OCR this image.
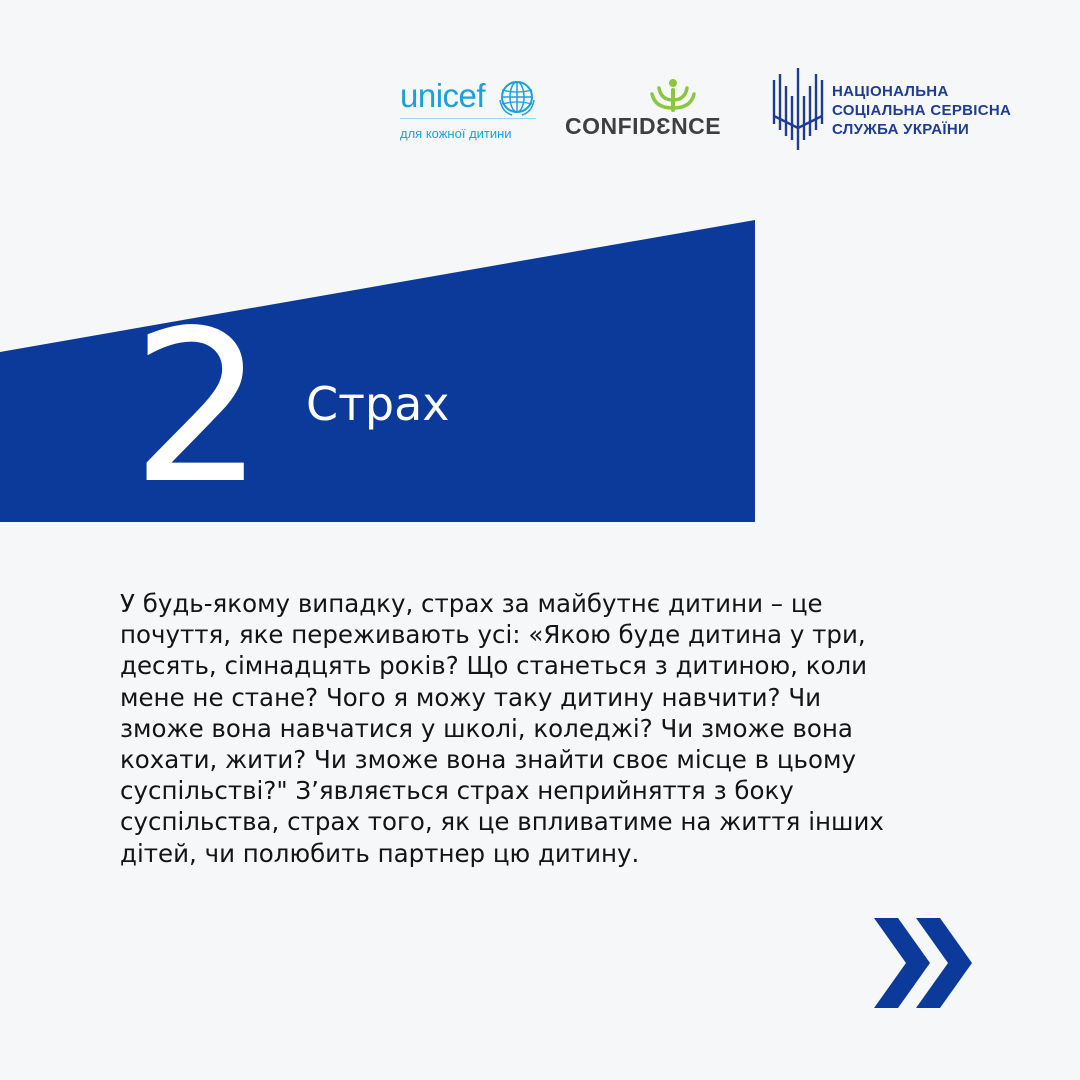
unicef
для кожної дитини CONFIDƐNCE
НАЦІОНАЛЬНА
СОЦІАЛЬНА СЕРВІСНА
СЛУЖБА УКРАЇНИ
2 Страх

У будь-якому випадку, страх за майбутнє дитини – це
почуття, яке переживають усі: «Якою буде дитина у три,
десять, сімнадцять років? Що станеться з дитиною, коли
мене не стане? Чого я можу таку дитину навчити? Чи
зможе вона навчатися у школі, коледжі? Чи зможе вона
кохати, жити? Чи зможе вона знайти своє місце в цьому
суспільстві?" З’являється страх неприйняття з боку
суспільства, страх того, як це впливатиме на життя інших
дітей, чи полюбить партнер цю дитину.
